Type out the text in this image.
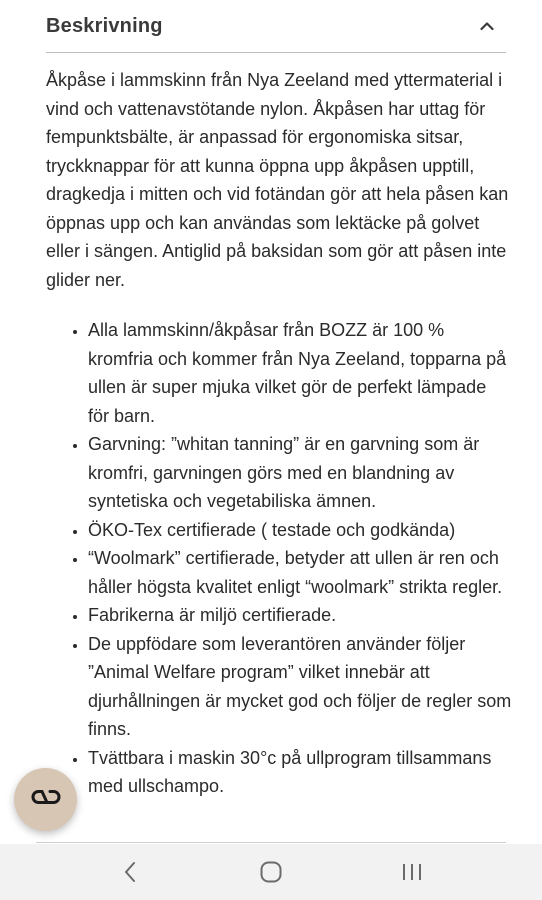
Beskrivning

Åkpåse i lammskinn från Nya Zeeland med yttermaterial i vind och vattenavstötande nylon. Åkpåsen har uttag för fempunktsbälte, är anpassad för ergonomiska sitsar, tryckknappar för att kunna öppna upp åkpåsen upptill, dragkedja i mitten och vid fotändan gör att hela påsen kan öppnas upp och kan användas som lektäcke på golvet eller i sängen. Antiglid på baksidan som gör att påsen inte glider ner.

• Alla lammskinn/åkpåsar från BOZZ är 100 % kromfria och kommer från Nya Zeeland, topparna på ullen är super mjuka vilket gör de perfekt lämpade för barn.
• Garvning: ”whitan tanning” är en garvning som är kromfri, garvningen görs med en blandning av syntetiska och vegetabiliska ämnen.
• ÖKO-Tex certifierade ( testade och godkända)
• “Woolmark” certifierade, betyder att ullen är ren och håller högsta kvalitet enligt “woolmark” strikta regler.
• Fabrikerna är miljö certifierade.
• De uppfödare som leverantören använder följer ”Animal Welfare program” vilket innebär att djurhållningen är mycket god och följer de regler som finns.
• Tvättbara i maskin 30°c på ullprogram tillsammans med ullschampo.
